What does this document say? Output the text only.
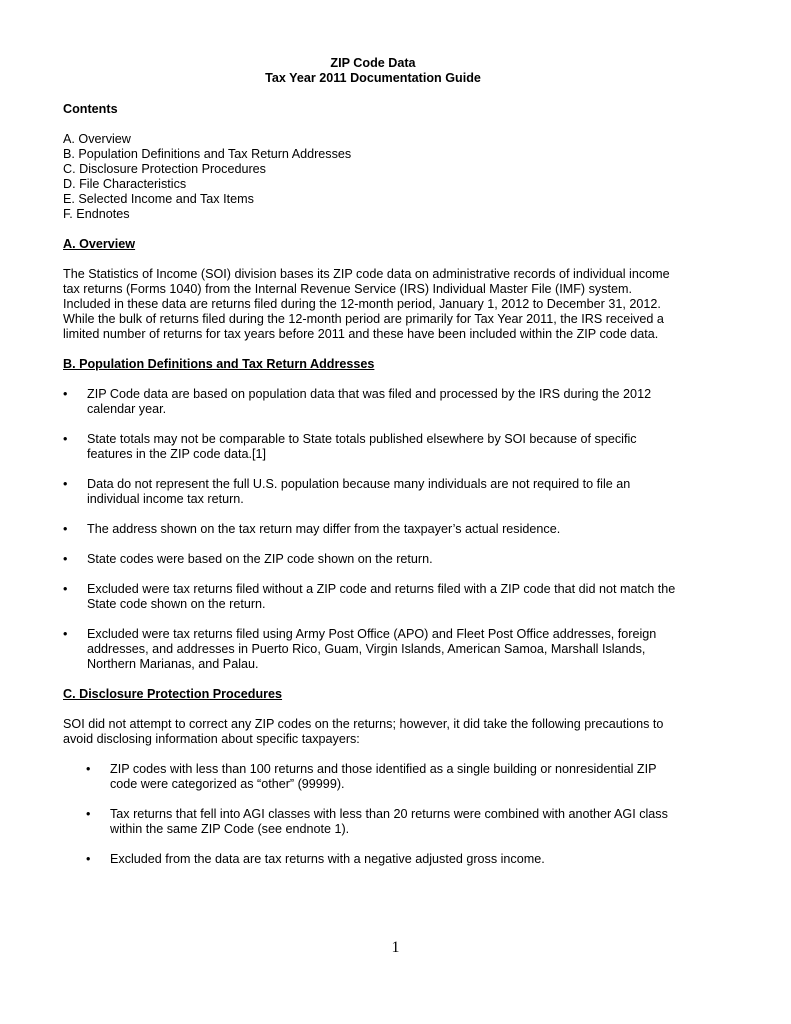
ZIP Code Data
Tax Year 2011 Documentation Guide
Contents
A. Overview
B. Population Definitions and Tax Return Addresses
C. Disclosure Protection Procedures
D. File Characteristics
E. Selected Income and Tax Items
F. Endnotes
A. Overview

The Statistics of Income (SOI) division bases its ZIP code data on administrative records of individual income tax returns (Forms 1040) from the Internal Revenue Service (IRS) Individual Master File (IMF) system. Included in these data are returns filed during the 12-month period, January 1, 2012 to December 31, 2012. While the bulk of returns filed during the 12-month period are primarily for Tax Year 2011, the IRS received a limited number of returns for tax years before 2011 and these have been included within the ZIP code data.

B. Population Definitions and Tax Return Addresses
• ZIP Code data are based on population data that was filed and processed by the IRS during the 2012 calendar year.
• State totals may not be comparable to State totals published elsewhere by SOI because of specific features in the ZIP code data.[1]
• Data do not represent the full U.S. population because many individuals are not required to file an individual income tax return.
• The address shown on the tax return may differ from the taxpayer’s actual residence.
• State codes were based on the ZIP code shown on the return.
• Excluded were tax returns filed without a ZIP code and returns filed with a ZIP code that did not match the State code shown on the return.
• Excluded were tax returns filed using Army Post Office (APO) and Fleet Post Office addresses, foreign addresses, and addresses in Puerto Rico, Guam, Virgin Islands, American Samoa, Marshall Islands, Northern Marianas, and Palau.
C. Disclosure Protection Procedures

SOI did not attempt to correct any ZIP codes on the returns; however, it did take the following precautions to avoid disclosing information about specific taxpayers:

• ZIP codes with less than 100 returns and those identified as a single building or nonresidential ZIP code were categorized as “other” (99999).
• Tax returns that fell into AGI classes with less than 20 returns were combined with another AGI class within the same ZIP Code (see endnote 1).
• Excluded from the data are tax returns with a negative adjusted gross income.
1
